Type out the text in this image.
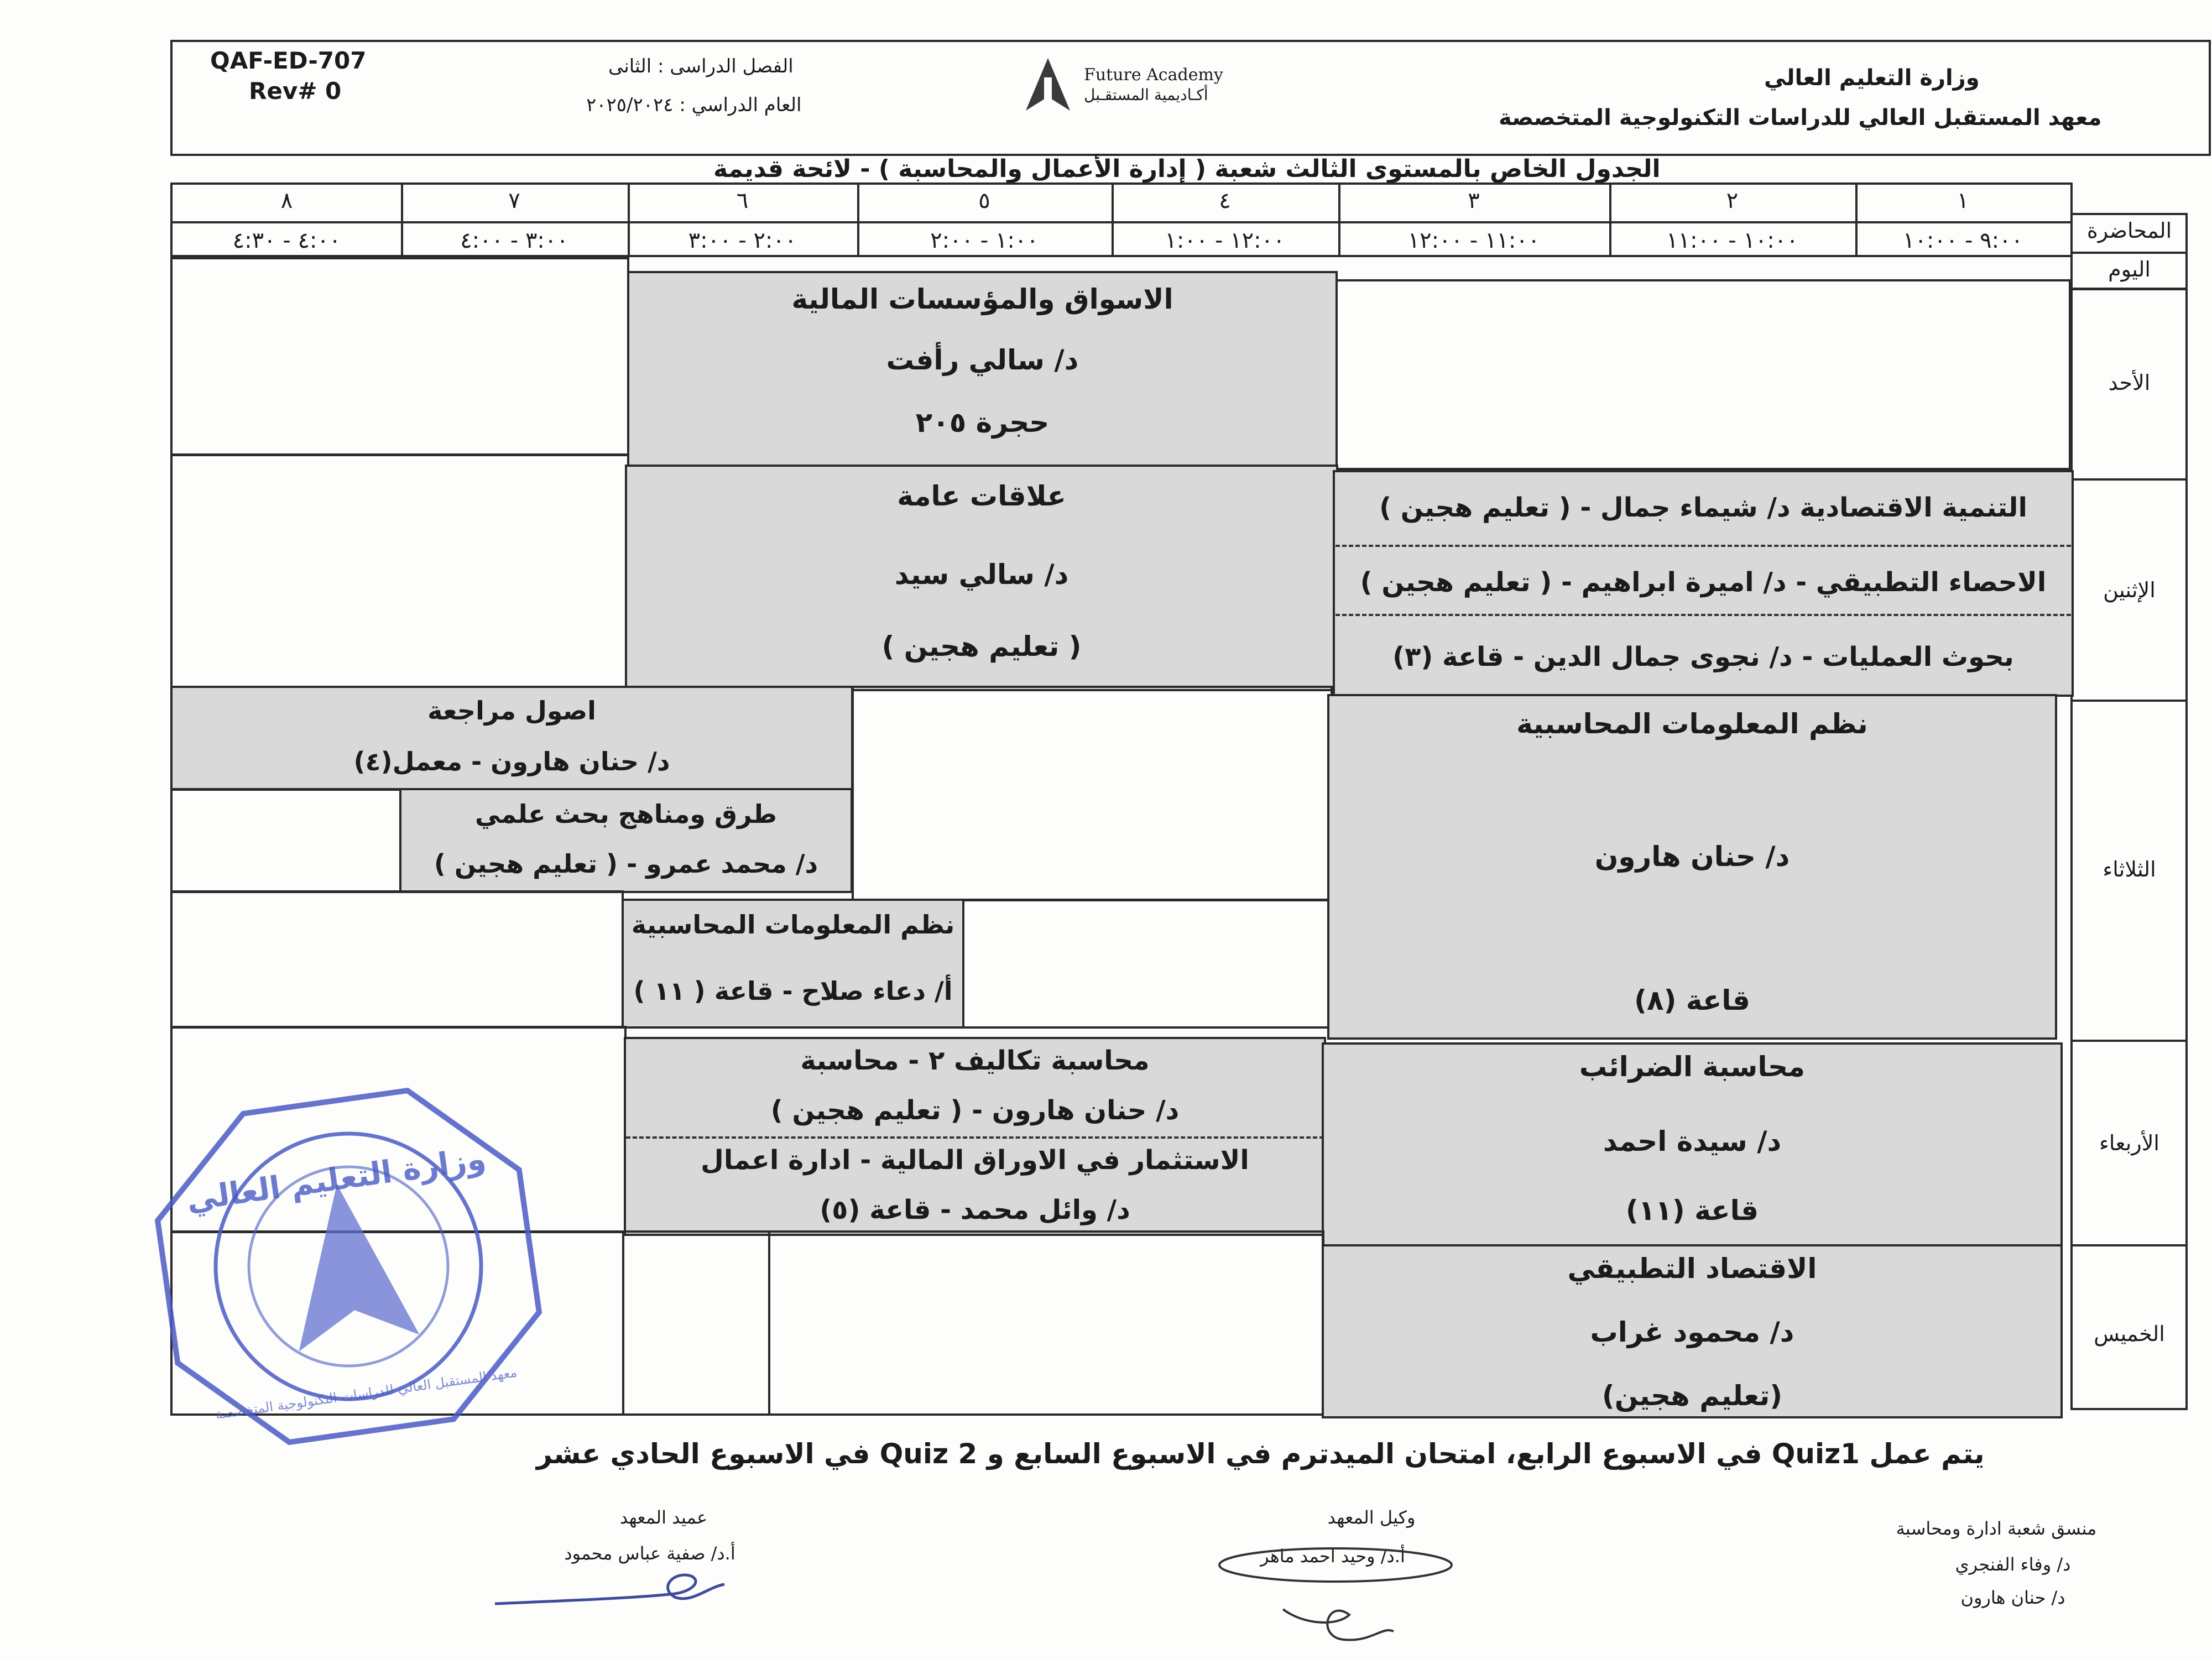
QAF-ED-707
Rev# 0
الفصل الدراسى : الثانى
العام الدراسي : ٢٠٢٥/٢٠٢٤
Future Academy
أكـاديمية المستقـبل
وزارة التعليم العالي
معهد المستقبل العالي للدراسات التكنولوجية المتخصصة
الجدول الخاص بالمستوى الثالث شعبة ( إدارة الأعمال والمحاسبة ) - لائحة قديمة
المحاضرة
اليوم
١
٩:٠٠ - ١٠:٠٠
٢
١٠:٠٠ - ١١:٠٠
٣
١١:٠٠ - ١٢:٠٠
٤
١٢:٠٠ - ١:٠٠
٥
١:٠٠ - ٢:٠٠
٦
٢:٠٠ - ٣:٠٠
٧
٣:٠٠ - ٤:٠٠
٨
٤:٠٠ - ٤:٣٠
الأحد
الإثنين
الثلاثاء
الأربعاء
الخميس
الاسواق والمؤسسات المالية
د/ سالي رأفت
حجرة ٢٠٥
علاقات عامة
د/ سالي سيد
( تعليم هجين )
التنمية الاقتصادية د/ شيماء جمال - ( تعليم هجين )
الاحصاء التطبيقي - د/ اميرة ابراهيم - ( تعليم هجين )
بحوث العمليات - د/ نجوى جمال الدين - قاعة (٣)
اصول مراجعة
د/ حنان هارون - معمل(٤)
طرق ومناهج بحث علمي
د/ محمد عمرو - ( تعليم هجين )
نظم المعلومات المحاسبية
أ/ دعاء صلاح - قاعة ( ١١ )
نظم المعلومات المحاسبية
د/ حنان هارون
قاعة (٨)
محاسبة تكاليف ٢ - محاسبة
د/ حنان هارون - ( تعليم هجين )
الاستثمار في الاوراق المالية - ادارة اعمال
د/ وائل محمد - قاعة (٥)
محاسبة الضرائب
د/ سيدة احمد
قاعة (١١)
الاقتصاد التطبيقي
د/ محمود غراب
(تعليم هجين)
يتم عمل Quiz1 في الاسبوع الرابع، امتحان الميدترم في الاسبوع السابع و Quiz 2 في الاسبوع الحادي عشر
عميد المعهد
أ.د/ صفية عباس محمود
وكيل المعهد
أ.د/ وحيد احمد ماهر
منسق شعبة ادارة ومحاسبة
د/ وفاء الفنجري
د/ حنان هارون
وزارة التعليم العالي
معهد المستقبل العالي للدراسات التكنولوجية المتخصصة
